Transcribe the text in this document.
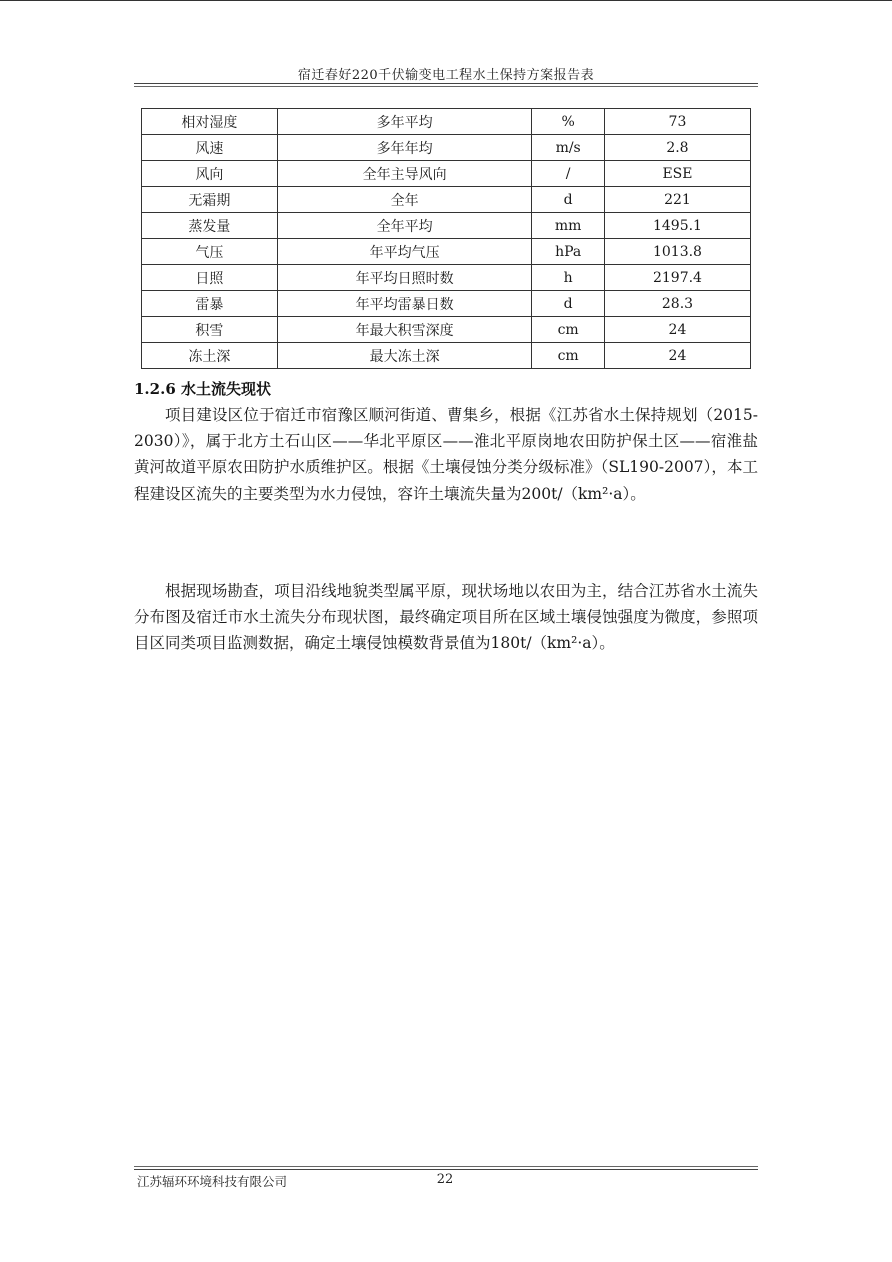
宿迁春好220千伏输变电工程水土保持方案报告表
相对湿度	多年平均	%	73
风速	多年年均	m/s	2.8
风向	全年主导风向	/	ESE
无霜期	全年	d	221
蒸发量	全年平均	mm	1495.1
气压	年平均气压	hPa	1013.8
日照	年平均日照时数	h	2197.4
雷暴	年平均雷暴日数	d	28.3
积雪	年最大积雪深度	cm	24
冻土深	最大冻土深	cm	24
1.2.6 水土流失现状
项目建设区位于宿迁市宿豫区顺河街道、曹集乡，根据《江苏省水土保持规划（2015-2030）》，属于北方土石山区——华北平原区——淮北平原岗地农田防护保土区——宿淮盐黄河故道平原农田防护水质维护区。根据《土壤侵蚀分类分级标准》（SL190-2007），本工程建设区流失的主要类型为水力侵蚀，容许土壤流失量为200t/（km²·a）。
根据现场勘查，项目沿线地貌类型属平原，现状场地以农田为主，结合江苏省水土流失分布图及宿迁市水土流失分布现状图，最终确定项目所在区域土壤侵蚀强度为微度，参照项目区同类项目监测数据，确定土壤侵蚀模数背景值为180t/（km²·a）。
江苏辐环环境科技有限公司	22
